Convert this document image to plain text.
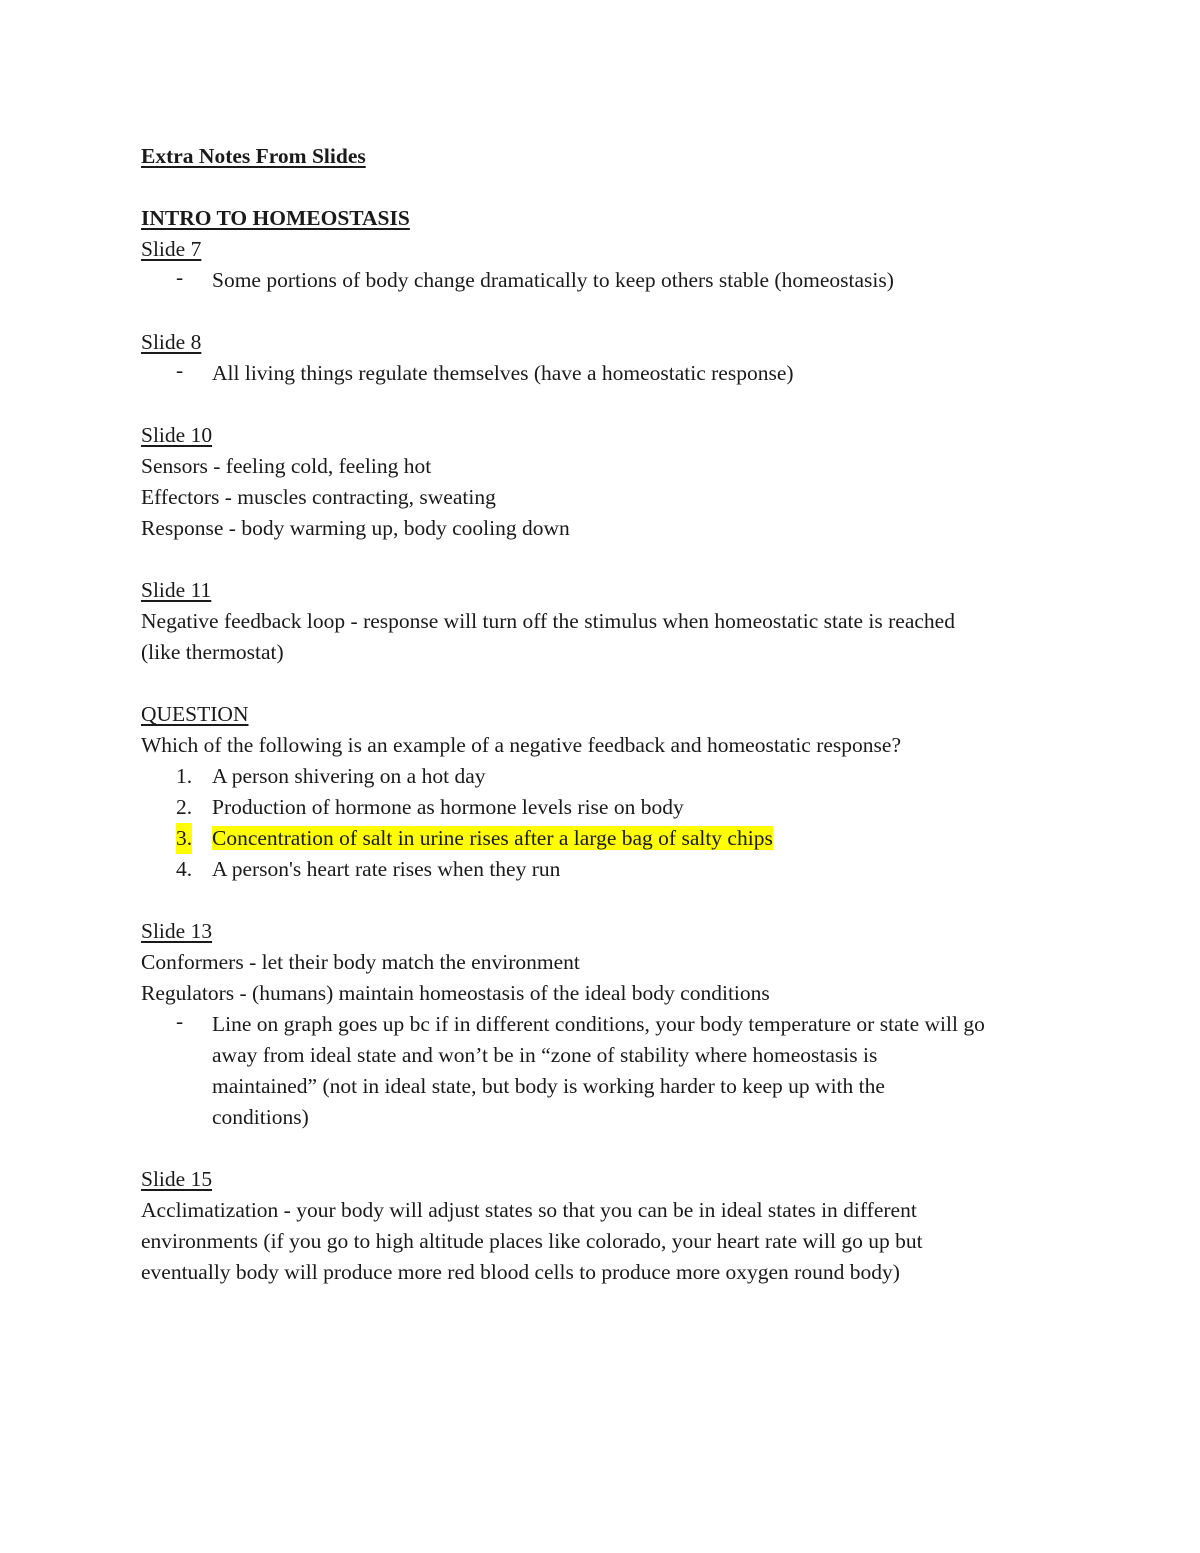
Extra Notes From Slides
INTRO TO HOMEOSTASIS
Slide 7
- Some portions of body change dramatically to keep others stable (homeostasis)
Slide 8
- All living things regulate themselves (have a homeostatic response)
Slide 10
Sensors - feeling cold, feeling hot
Effectors - muscles contracting, sweating
Response - body warming up, body cooling down
Slide 11
Negative feedback loop - response will turn off the stimulus when homeostatic state is reached
(like thermostat)
QUESTION
Which of the following is an example of a negative feedback and homeostatic response?
1. A person shivering on a hot day
2. Production of hormone as hormone levels rise on body
3. Concentration of salt in urine rises after a large bag of salty chips
4. A person's heart rate rises when they run
Slide 13
Conformers - let their body match the environment
Regulators - (humans) maintain homeostasis of the ideal body conditions
- Line on graph goes up bc if in different conditions, your body temperature or state will go
away from ideal state and won’t be in “zone of stability where homeostasis is
maintained” (not in ideal state, but body is working harder to keep up with the
conditions)
Slide 15
Acclimatization - your body will adjust states so that you can be in ideal states in different
environments (if you go to high altitude places like colorado, your heart rate will go up but
eventually body will produce more red blood cells to produce more oxygen round body)
